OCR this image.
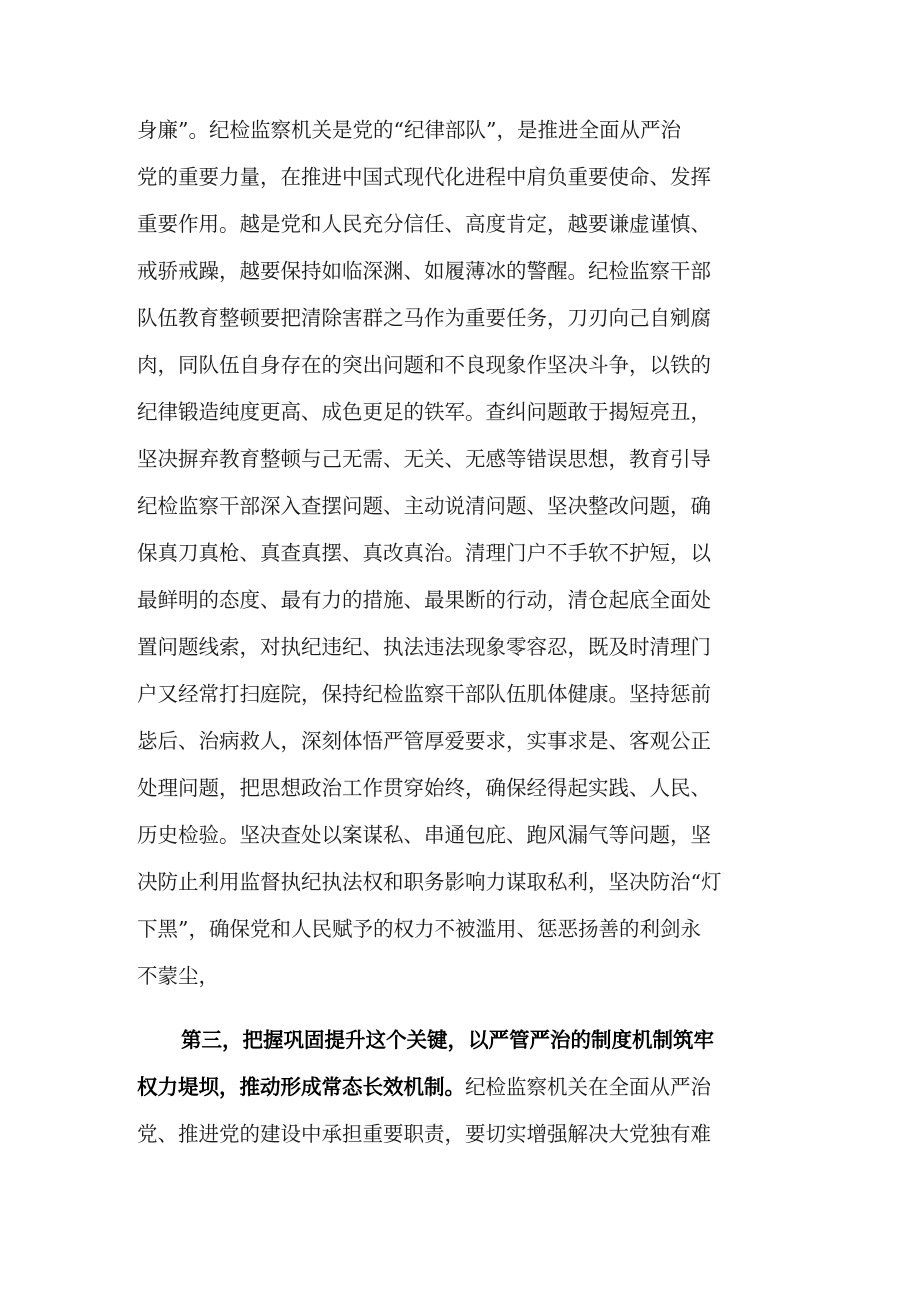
身廉”。纪检监察机关是党的“纪律部队”，是推进全面从严治
党的重要力量，在推进中国式现代化进程中肩负重要使命、发挥
重要作用。越是党和人民充分信任、高度肯定，越要谦虚谨慎、
戒骄戒躁，越要保持如临深渊、如履薄冰的警醒。纪检监察干部
队伍教育整顿要把清除害群之马作为重要任务，刀刃向己自剜腐
肉，同队伍自身存在的突出问题和不良现象作坚决斗争，以铁的
纪律锻造纯度更高、成色更足的铁军。查纠问题敢于揭短亮丑，
坚决摒弃教育整顿与己无需、无关、无感等错误思想，教育引导
纪检监察干部深入查摆问题、主动说清问题、坚决整改问题，确
保真刀真枪、真查真摆、真改真治。清理门户不手软不护短，以
最鲜明的态度、最有力的措施、最果断的行动，清仓起底全面处
置问题线索，对执纪违纪、执法违法现象零容忍，既及时清理门
户又经常打扫庭院，保持纪检监察干部队伍肌体健康。坚持惩前
毖后、治病救人，深刻体悟严管厚爱要求，实事求是、客观公正
处理问题，把思想政治工作贯穿始终，确保经得起实践、人民、
历史检验。坚决查处以案谋私、串通包庇、跑风漏气等问题，坚
决防止利用监督执纪执法权和职务影响力谋取私利，坚决防治“灯
下黑”，确保党和人民赋予的权力不被滥用、惩恶扬善的利剑永
不蒙尘，
第三，把握巩固提升这个关键，以严管严治的制度机制筑牢
权力堤坝，推动形成常态长效机制。纪检监察机关在全面从严治
党、推进党的建设中承担重要职责，要切实增强解决大党独有难
